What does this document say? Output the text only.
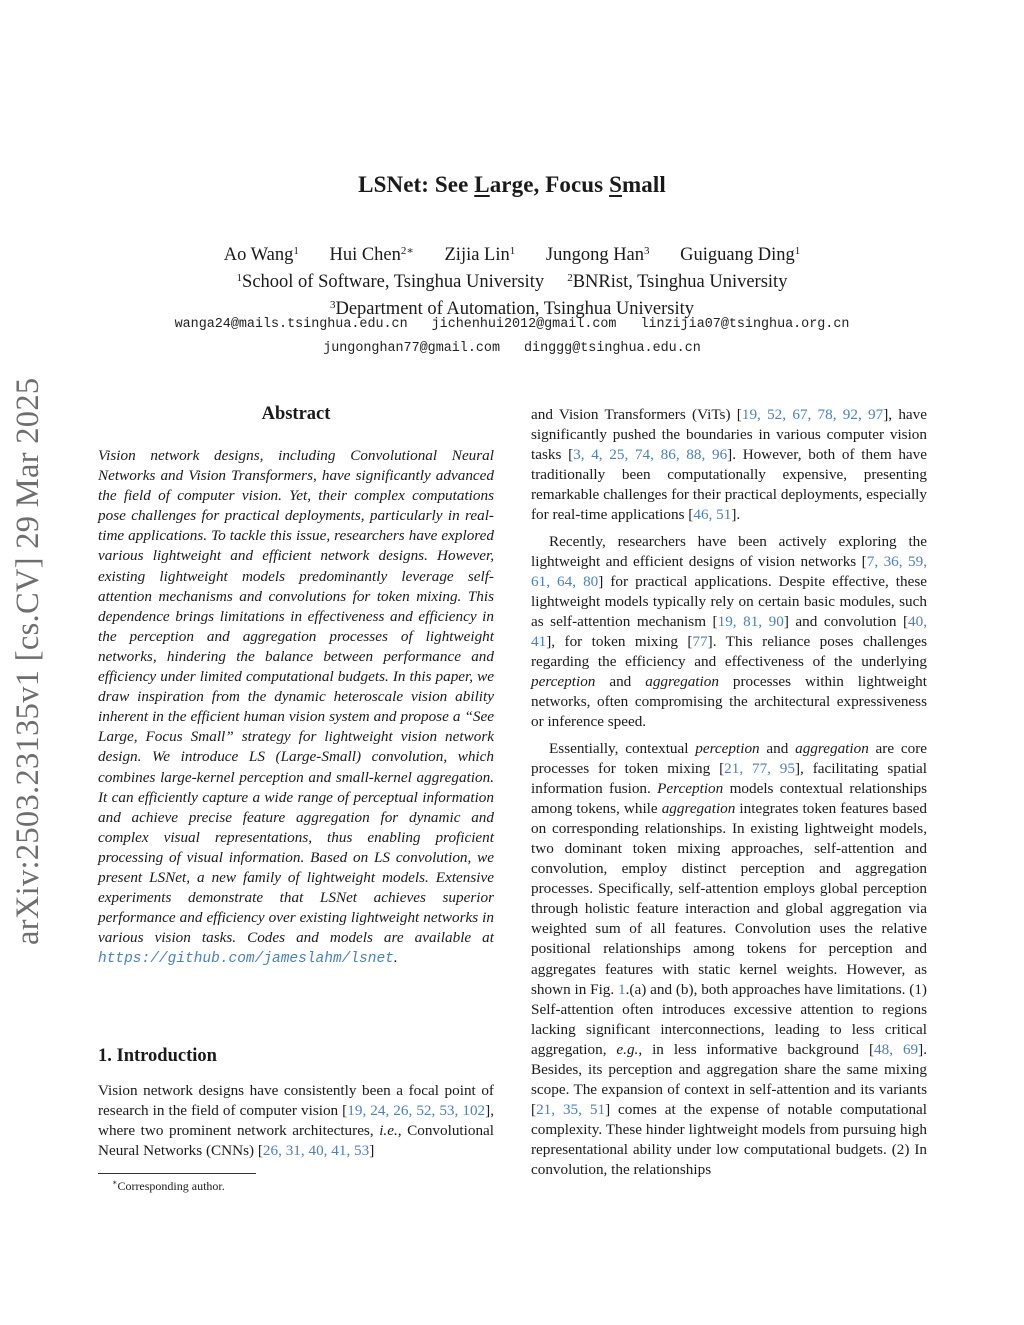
arXiv:2503.23135v1 [cs.CV] 29 Mar 2025
LSNet: See Large, Focus Small
Ao Wang$^1$ Hui Chen$^{2∗}$ Zijia Lin$^1$ Jungong Han$^3$ Guiguang Ding$^1$
$^1$School of Software, Tsinghua University $^2$BNRist, Tsinghua University
$^3$Department of Automation, Tsinghua University
wanga24@mails.tsinghua.edu.cn jichenhui2012@gmail.com linzijia07@tsinghua.org.cn
jungonghan77@gmail.com dinggg@tsinghua.edu.cn
Abstract

Vision network designs, including Convolutional Neural Networks and Vision Transformers, have significantly advanced the field of computer vision. Yet, their complex computations pose challenges for practical deployments, particularly in real-time applications. To tackle this issue, researchers have explored various lightweight and efficient network designs. However, existing lightweight models predominantly leverage self-attention mechanisms and convolutions for token mixing. This dependence brings limitations in effectiveness and efficiency in the perception and aggregation processes of lightweight networks, hindering the balance between performance and efficiency under limited computational budgets. In this paper, we draw inspiration from the dynamic heteroscale vision ability inherent in the efficient human vision system and propose a “See Large, Focus Small” strategy for lightweight vision network design. We introduce LS (Large-Small) convolution, which combines large-kernel perception and small-kernel aggregation. It can efficiently capture a wide range of perceptual information and achieve precise feature aggregation for dynamic and complex visual representations, thus enabling proficient processing of visual information. Based on LS convolution, we present LSNet, a new family of lightweight models. Extensive experiments demonstrate that LSNet achieves superior performance and efficiency over existing lightweight networks in various vision tasks. Codes and models are available at https://github.com/jameslahm/lsnet.

1. Introduction

Vision network designs have consistently been a focal point of research in the field of computer vision [19, 24, 26, 52, 53, 102], where two prominent network architectures, i.e., Convolutional Neural Networks (CNNs) [26, 31, 40, 41, 53]

∗Corresponding author.

and Vision Transformers (ViTs) [19, 52, 67, 78, 92, 97], have significantly pushed the boundaries in various computer vision tasks [3, 4, 25, 74, 86, 88, 96]. However, both of them have traditionally been computationally expensive, presenting remarkable challenges for their practical deployments, especially for real-time applications [46, 51].

Recently, researchers have been actively exploring the lightweight and efficient designs of vision networks [7, 36, 59, 61, 64, 80] for practical applications. Despite effective, these lightweight models typically rely on certain basic modules, such as self-attention mechanism [19, 81, 90] and convolution [40, 41], for token mixing [77]. This reliance poses challenges regarding the efficiency and effectiveness of the underlying perception and aggregation processes within lightweight networks, often compromising the architectural expressiveness or inference speed.

Essentially, contextual perception and aggregation are core processes for token mixing [21, 77, 95], facilitating spatial information fusion. Perception models contextual relationships among tokens, while aggregation integrates token features based on corresponding relationships. In existing lightweight models, two dominant token mixing approaches, self-attention and convolution, employ distinct perception and aggregation processes. Specifically, self-attention employs global perception through holistic feature interaction and global aggregation via weighted sum of all features. Convolution uses the relative positional relationships among tokens for perception and aggregates features with static kernel weights. However, as shown in Fig. 1.(a) and (b), both approaches have limitations. (1) Self-attention often introduces excessive attention to regions lacking significant interconnections, leading to less critical aggregation, e.g., in less informative background [48, 69]. Besides, its perception and aggregation share the same mixing scope. The expansion of context in self-attention and its variants [21, 35, 51] comes at the expense of notable computational complexity. These hinder lightweight models from pursuing high representational ability under low computational budgets. (2) In convolution, the relationships
